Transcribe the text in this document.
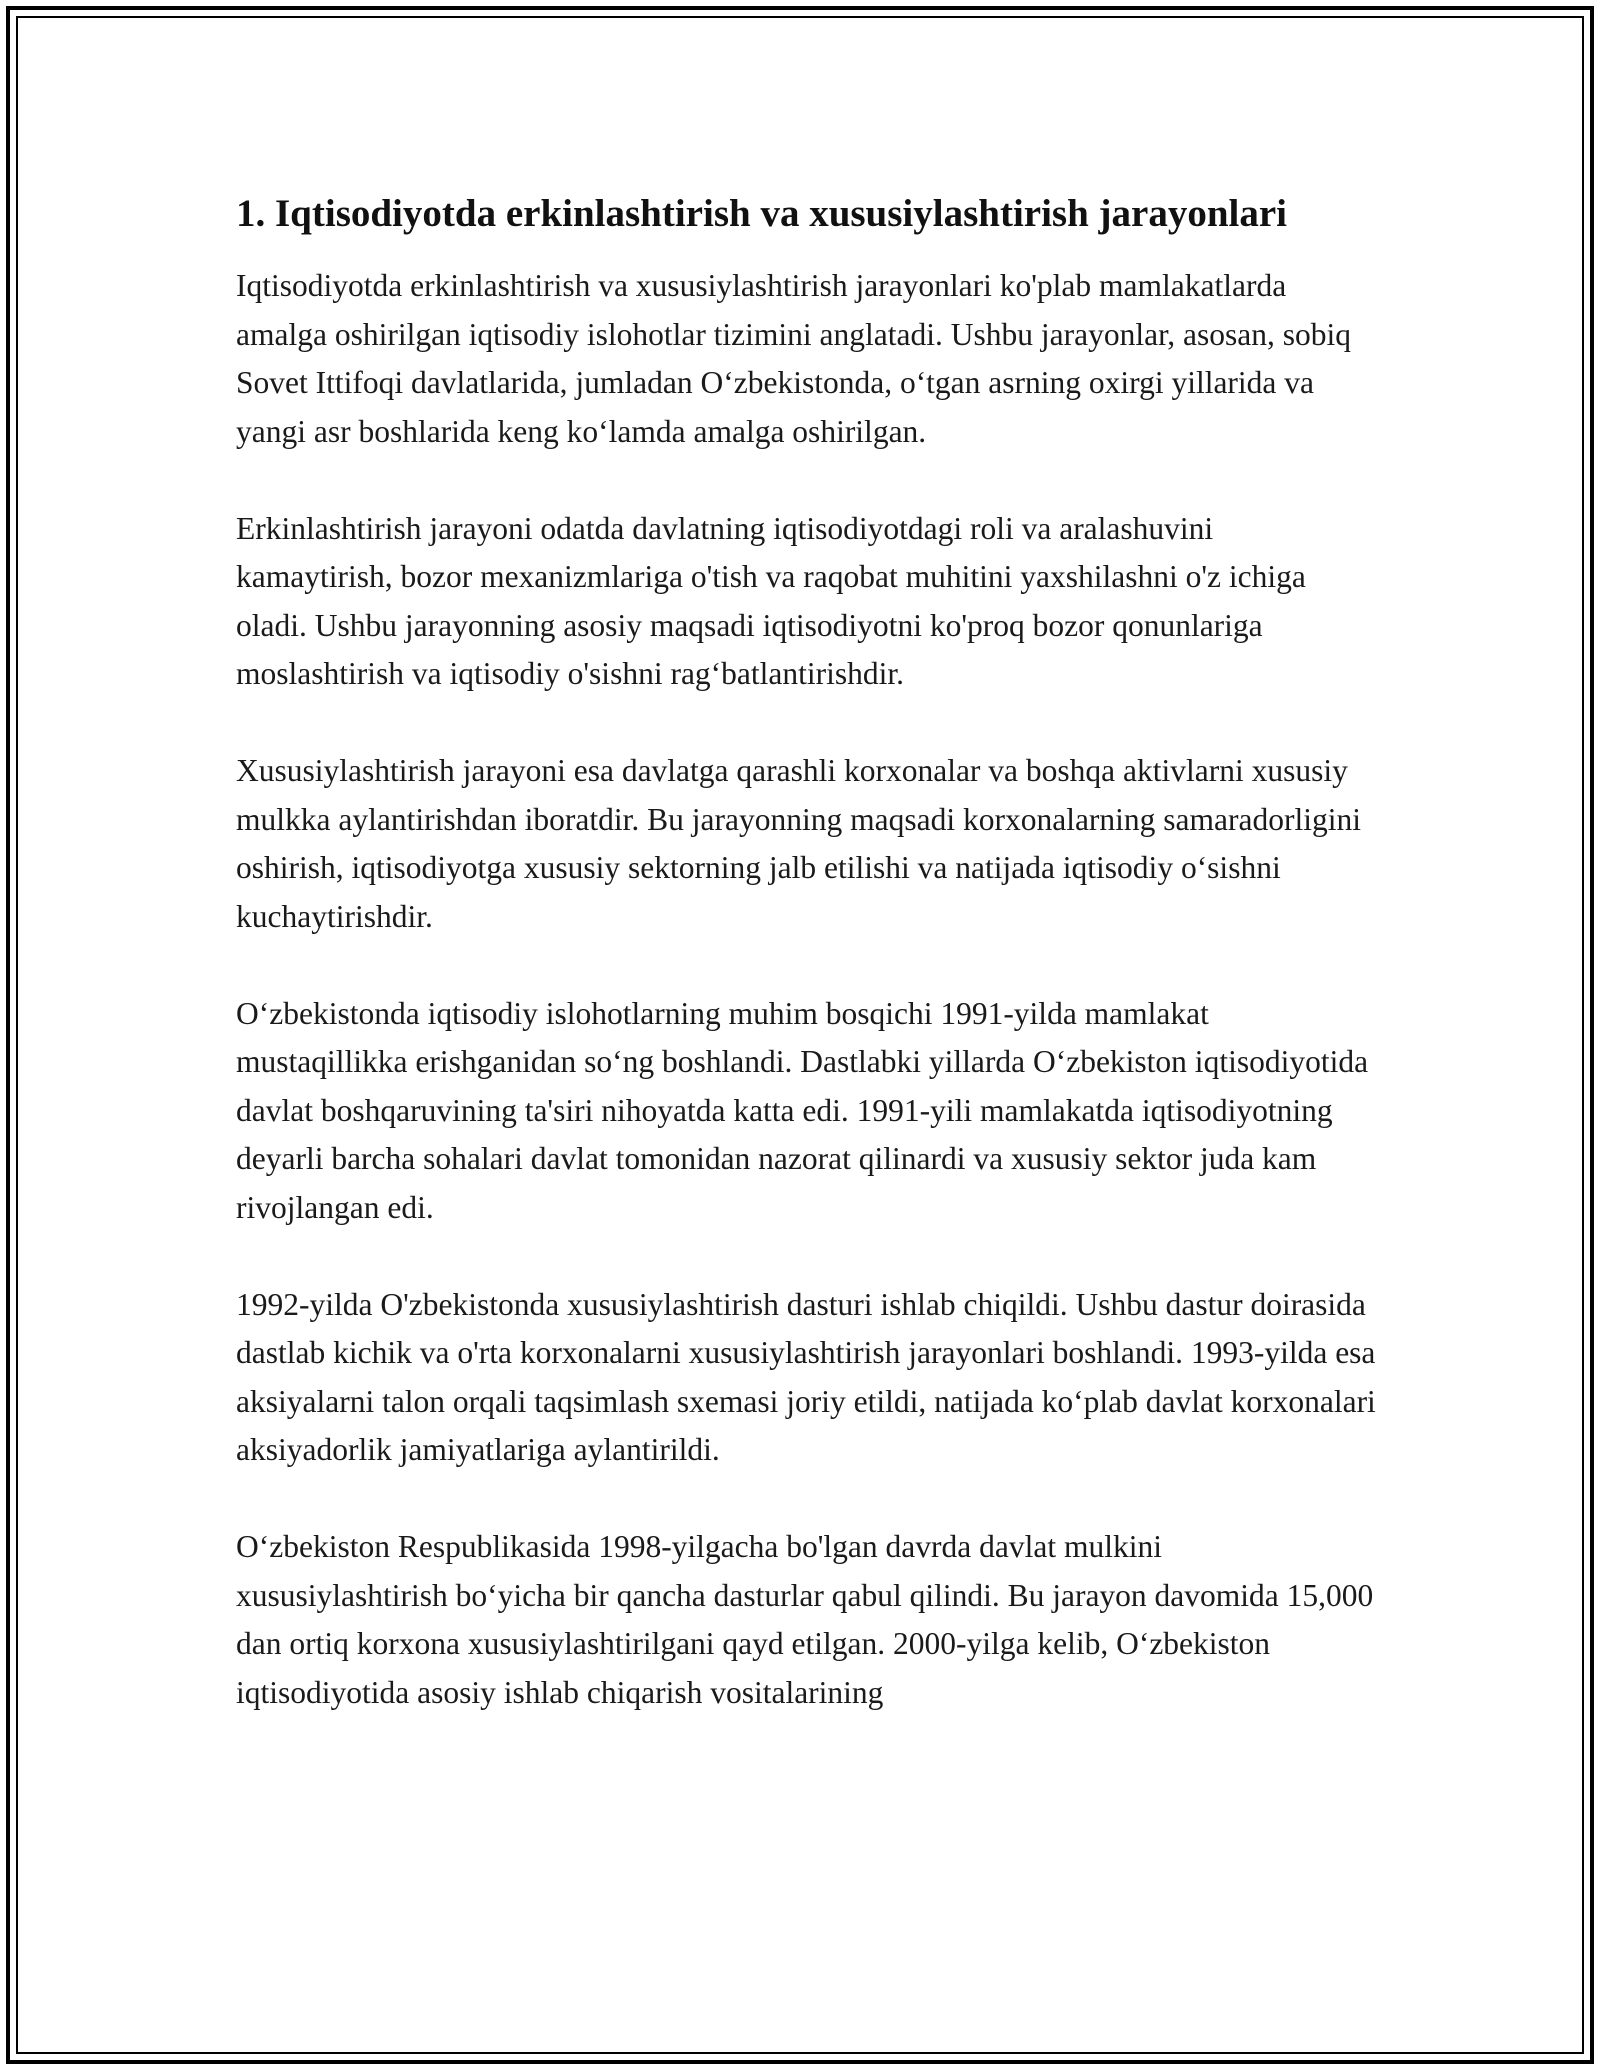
1. Iqtisodiyotda erkinlashtirish va xususiylashtirish jarayonlari

Iqtisodiyotda erkinlashtirish va xususiylashtirish jarayonlari ko'plab mamlakatlarda amalga oshirilgan iqtisodiy islohotlar tizimini anglatadi. Ushbu jarayonlar, asosan, sobiq Sovet Ittifoqi davlatlarida, jumladan O‘zbekistonda, o‘tgan asrning oxirgi yillarida va yangi asr boshlarida keng ko‘lamda amalga oshirilgan.

Erkinlashtirish jarayoni odatda davlatning iqtisodiyotdagi roli va aralashuvini kamaytirish, bozor mexanizmlariga o'tish va raqobat muhitini yaxshilashni o'z ichiga oladi. Ushbu jarayonning asosiy maqsadi iqtisodiyotni ko'proq bozor qonunlariga moslashtirish va iqtisodiy o'sishni rag‘batlantirishdir.

Xususiylashtirish jarayoni esa davlatga qarashli korxonalar va boshqa aktivlarni xususiy mulkka aylantirishdan iboratdir. Bu jarayonning maqsadi korxonalarning samaradorligini oshirish, iqtisodiyotga xususiy sektorning jalb etilishi va natijada iqtisodiy o‘sishni kuchaytirishdir.

O‘zbekistonda iqtisodiy islohotlarning muhim bosqichi 1991-yilda mamlakat mustaqillikka erishganidan so‘ng boshlandi. Dastlabki yillarda O‘zbekiston iqtisodiyotida davlat boshqaruvining ta'siri nihoyatda katta edi. 1991-yili mamlakatda iqtisodiyotning deyarli barcha sohalari davlat tomonidan nazorat qilinardi va xususiy sektor juda kam rivojlangan edi.

1992-yilda O'zbekistonda xususiylashtirish dasturi ishlab chiqildi. Ushbu dastur doirasida dastlab kichik va o'rta korxonalarni xususiylashtirish jarayonlari boshlandi. 1993-yilda esa aksiyalarni talon orqali taqsimlash sxemasi joriy etildi, natijada ko‘plab davlat korxonalari aksiyadorlik jamiyatlariga aylantirildi.

O‘zbekiston Respublikasida 1998-yilgacha bo'lgan davrda davlat mulkini xususiylashtirish bo‘yicha bir qancha dasturlar qabul qilindi. Bu jarayon davomida 15,000 dan ortiq korxona xususiylashtirilgani qayd etilgan. 2000-yilga kelib, O‘zbekiston iqtisodiyotida asosiy ishlab chiqarish vositalarining
